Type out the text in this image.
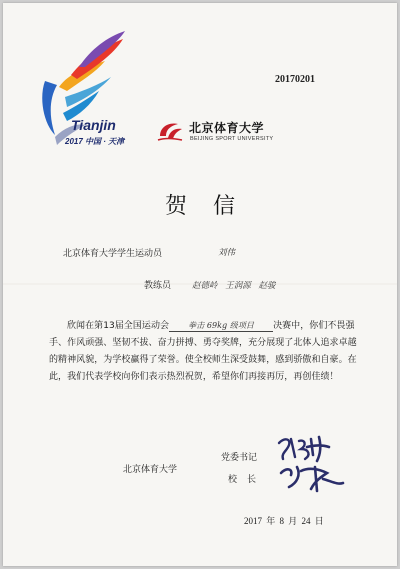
20170201
Tianjin
2017 中国 · 天津
北京体育大学
BEIJING SPORT UNIVERSITY
贺信
北京体育大学学生运动员	刘伟
教练员 赵德岭 王润源 赵骏
欣闻在第13届全国运动会 拳击 69kg 级项目 决赛中，你们不畏强手、作风顽强、坚韧不拔、奋力拼搏、勇夺奖牌，充分展现了北体人追求卓越的精神风貌，为学校赢得了荣誉。使全校师生深受鼓舞，感到骄傲和自豪。在此，我们代表学校向你们表示热烈祝贺，希望你们再接再厉，再创佳绩！
北京体育大学
党委书记
校长
2017 年 8 月 24 日
